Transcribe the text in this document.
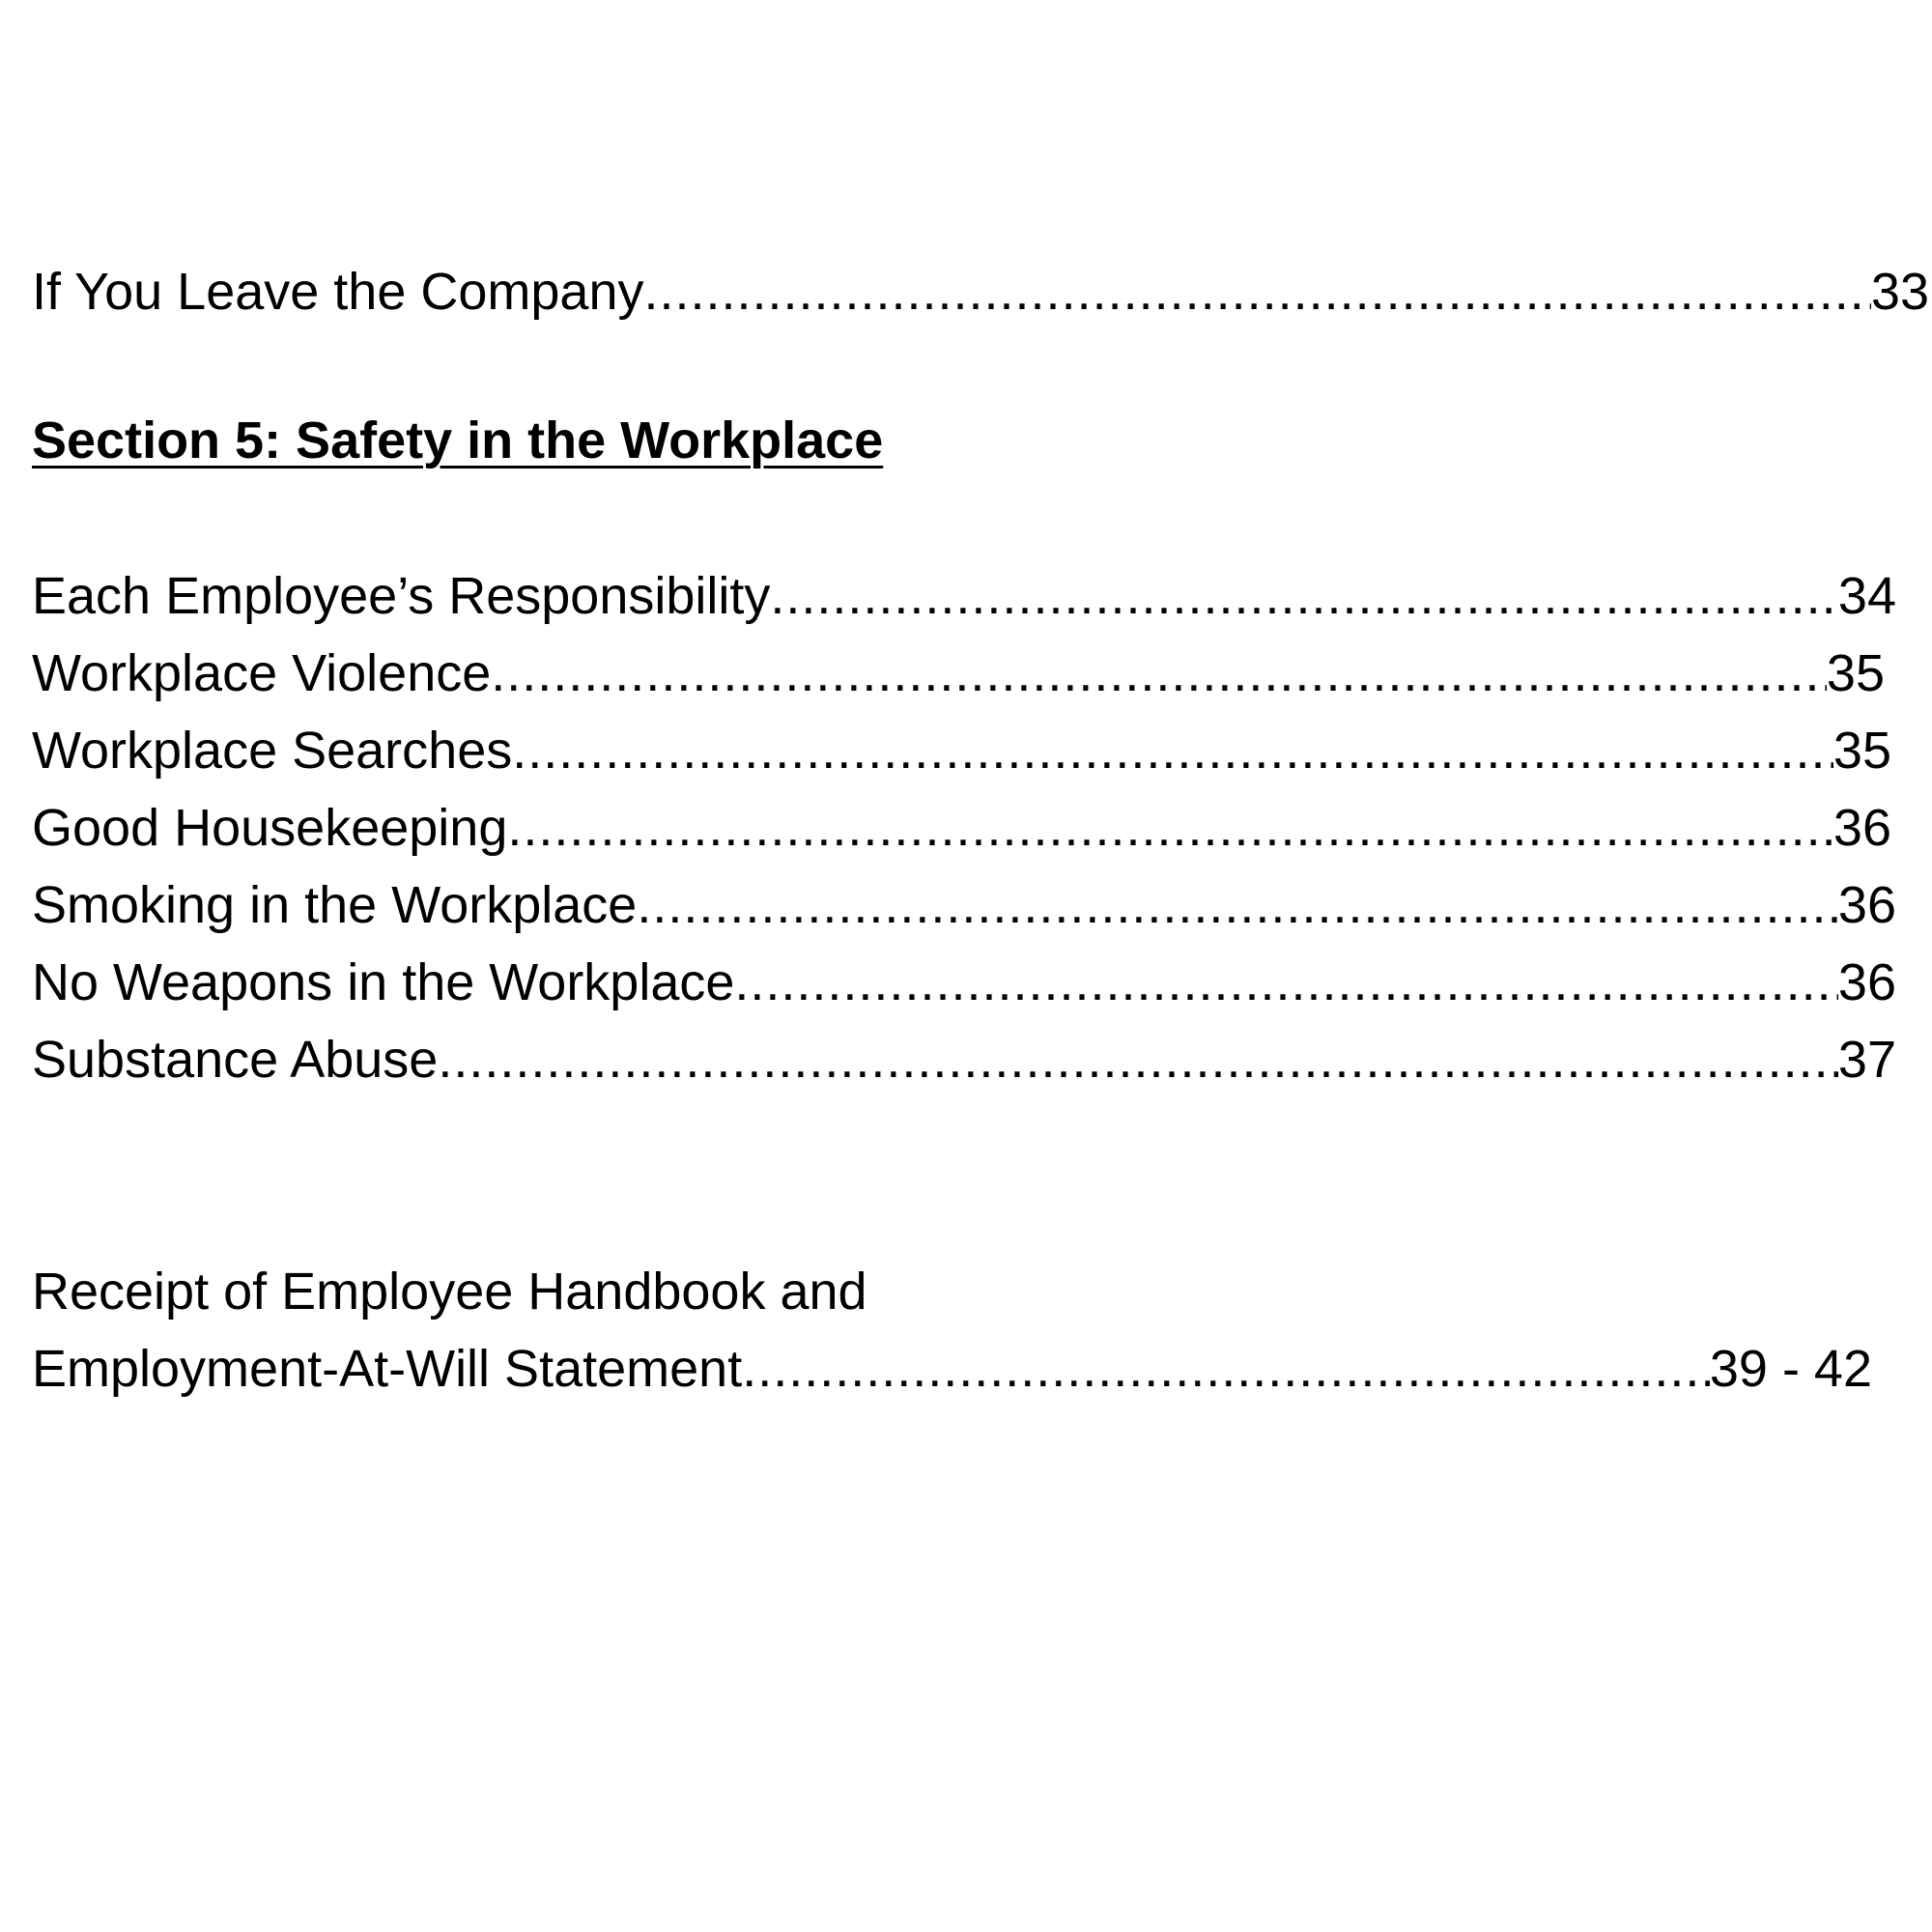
If You Leave the Company .....	33
Section 5: Safety in the Workplace
Each Employee’s Responsibility .....	34
Workplace Violence .....	35
Workplace Searches .....	35
Good Housekeeping .....	36
Smoking in the Workplace .....	36
No Weapons in the Workplace .....	36
Substance Abuse .....	37
Receipt of Employee Handbook and
Employment-At-Will Statement .....	39 - 42
